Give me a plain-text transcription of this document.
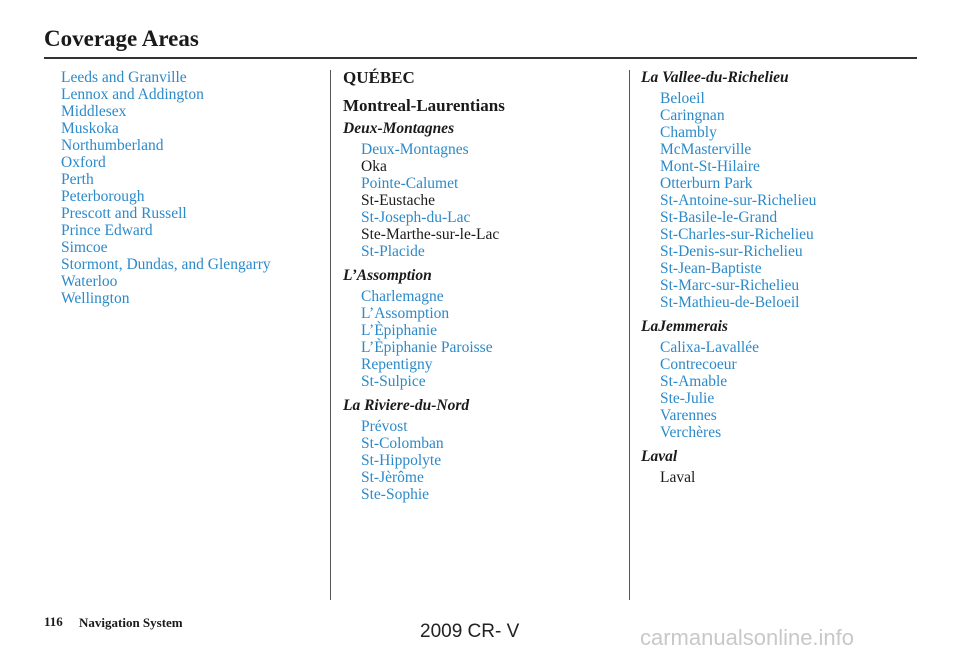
Coverage Areas
Leeds and Granville
Lennox and Addington
Middlesex
Muskoka
Northumberland
Oxford
Perth
Peterborough
Prescott and Russell
Prince Edward
Simcoe
Stormont, Dundas, and Glengarry
Waterloo
Wellington
QUÉBEC
Montreal-Laurentians
Deux-Montagnes
Deux-Montagnes
Oka
Pointe-Calumet
St-Eustache
St-Joseph-du-Lac
Ste-Marthe-sur-le-Lac
St-Placide
L’Assomption
Charlemagne
L’Assomption
L’Èpiphanie
L’Èpiphanie Paroisse
Repentigny
St-Sulpice
La Riviere-du-Nord
Prévost
St-Colomban
St-Hippolyte
St-Jèrôme
Ste-Sophie
La Vallee-du-Richelieu
Beloeil
Caringnan
Chambly
McMasterville
Mont-St-Hilaire
Otterburn Park
St-Antoine-sur-Richelieu
St-Basile-le-Grand
St-Charles-sur-Richelieu
St-Denis-sur-Richelieu
St-Jean-Baptiste
St-Marc-sur-Richelieu
St-Mathieu-de-Beloeil
LaJemmerais
Calixa-Lavallée
Contrecoeur
St-Amable
Ste-Julie
Varennes
Verchères
Laval
Laval
116 Navigation System	2009 CR- V	carmanualsonline.info
